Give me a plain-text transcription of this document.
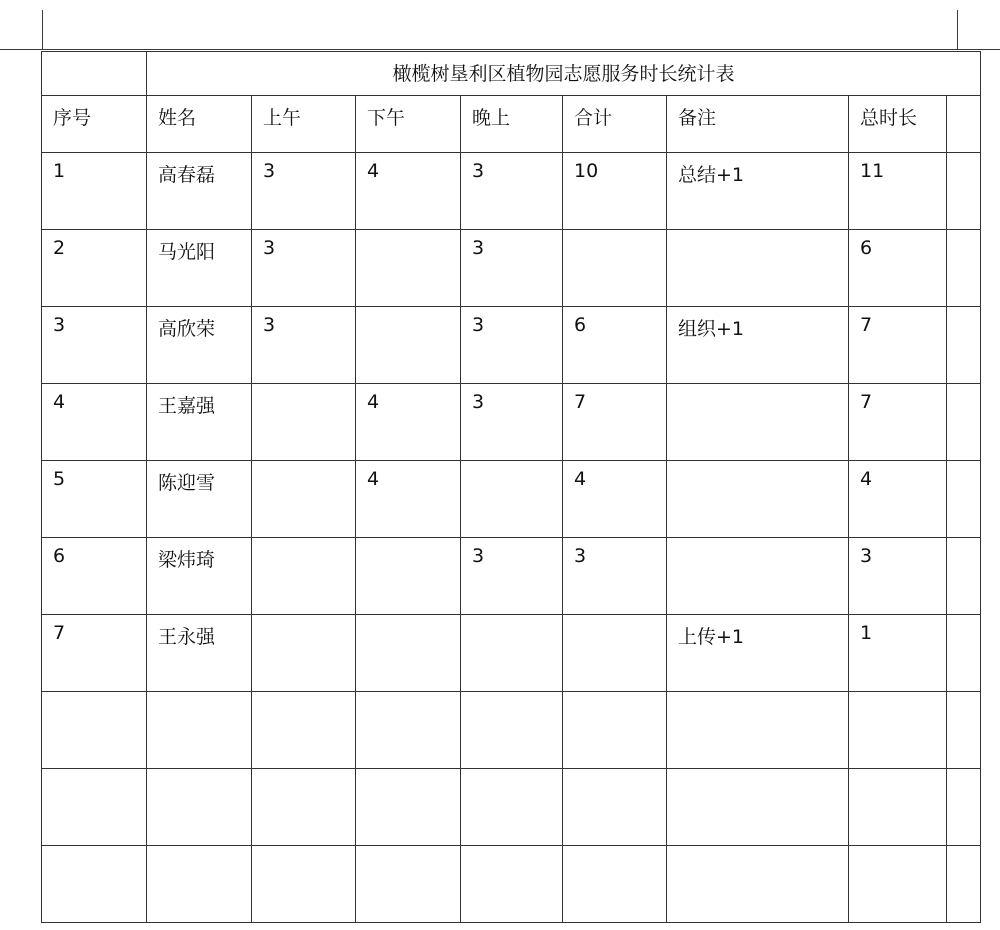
	橄榄树垦利区植物园志愿服务时长统计表							
序号	姓名	上午	下午	晚上	合计	备注	总时长	
1	高春磊	3	4	3	10	总结+1	11	
2	马光阳	3		3			6	
3	高欣荣	3		3	6	组织+1	7	
4	王嘉强		4	3	7		7	
5	陈迎雪		4		4		4	
6	梁炜琦			3	3		3	
7	王永强					上传+1	1	
